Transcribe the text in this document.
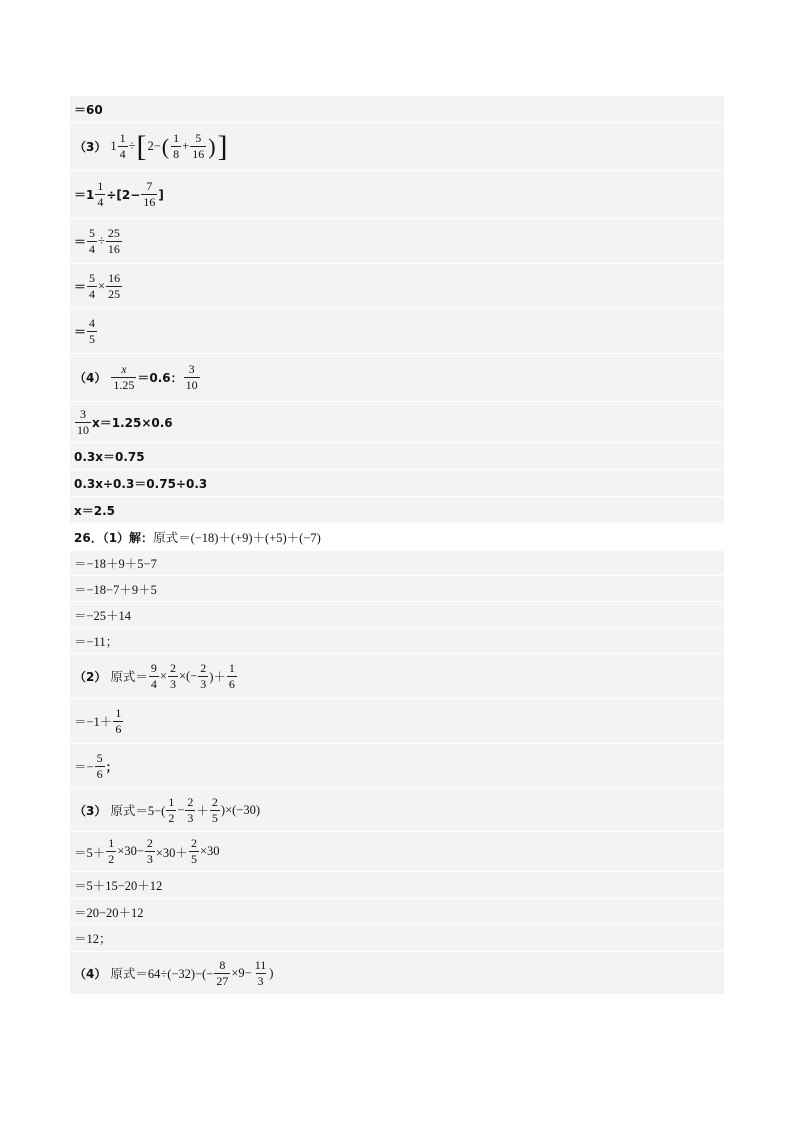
＝60
（3） $1 \frac{1}{4}$ ÷ [ 2 − ( $\frac{1}{8} + \frac{5}{16}$ ) ]
＝ $1 \frac{1}{4} \div[2- \frac{7}{16}$ ]
＝ $\frac{5}{4} \div \frac{25}{16}$
＝ $\frac{5}{4} \times \frac{16}{25}$
＝ $\frac{4}{5}$
$(4) \frac{x}{1.25} =0.6$： $\frac{3}{10}$
$\frac{3}{10} x=1.25\times 0.6$
0.3x＝0.75
0.3x÷0.3＝0.75÷0.3
x＝2.5
26．（1）解： 原式＝(−18)＋(+9)＋(+5)＋(−7)
＝−18＋9＋5−7
＝−18−7＋9＋5
＝−25＋14
＝−11；
（2） 原式＝ $\frac{9}{4} \times \frac{2}{3}$ ×(− $\frac{2}{3}$ )＋ $\frac{1}{6}$
$=-1+ \frac{1}{6}$
＝− $\frac{5}{6}$ ；
（3） 原式$=5-( \frac{1}{2} - \frac{2}{3} + \frac{2}{5} )\times(-30)$
$=5+ \frac{1}{2} \times 30- \frac{2}{3} \times 30+ \frac{2}{5} \times 30$
＝5＋15−20＋12
＝20−20＋12
＝12；
（4） 原式$=64\div(-32)-(- \frac{8}{27} \times 9- \frac{11}{3}$ )
